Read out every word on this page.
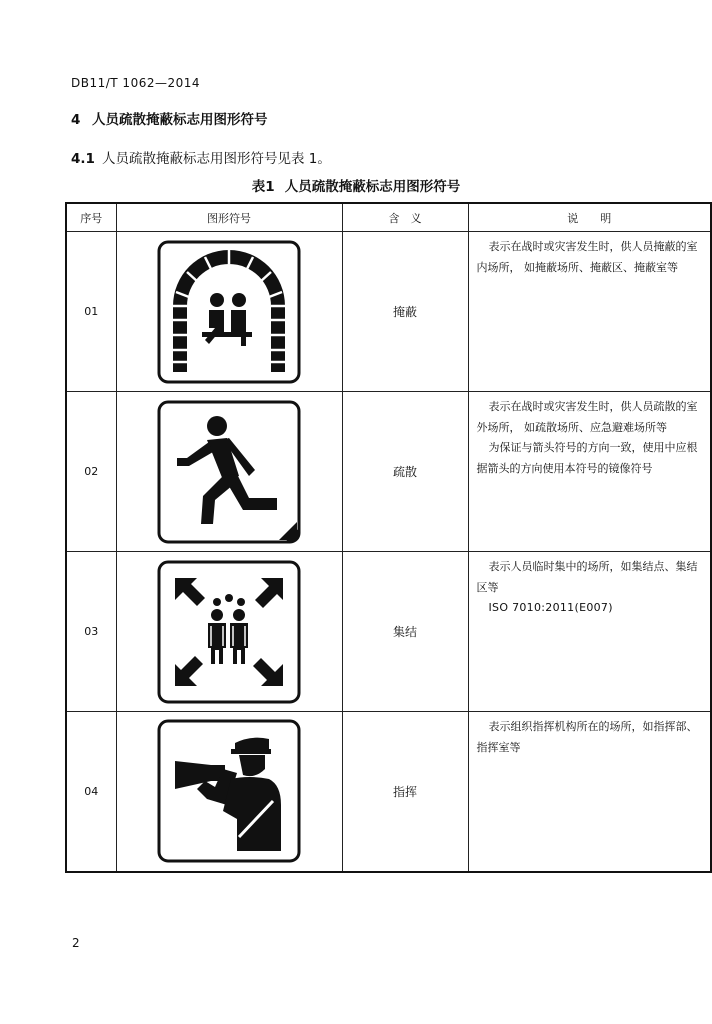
DB11/T 1062—2014
4 人员疏散掩蔽标志用图形符号
4.1 人员疏散掩蔽标志用图形符号见表 1。
表1 人员疏散掩蔽标志用图形符号
序号	图形符号	含　义	说　　明
01		掩蔽	表示在战时或灾害发生时，供人员掩蔽的室内场所， 如掩蔽场所、掩蔽区、掩蔽室等

02		疏散	表示在战时或灾害发生时，供人员疏散的室外场所， 如疏散场所、应急避难场所等

为保证与箭头符号的方向一致，使用中应根据箭头的方向使用本符号的镜像符号

03		集结	表示人员临时集中的场所，如集结点、集结区等

ISO 7010:2011(E007)

04		指挥	表示组织指挥机构所在的场所，如指挥部、指挥室等

2
